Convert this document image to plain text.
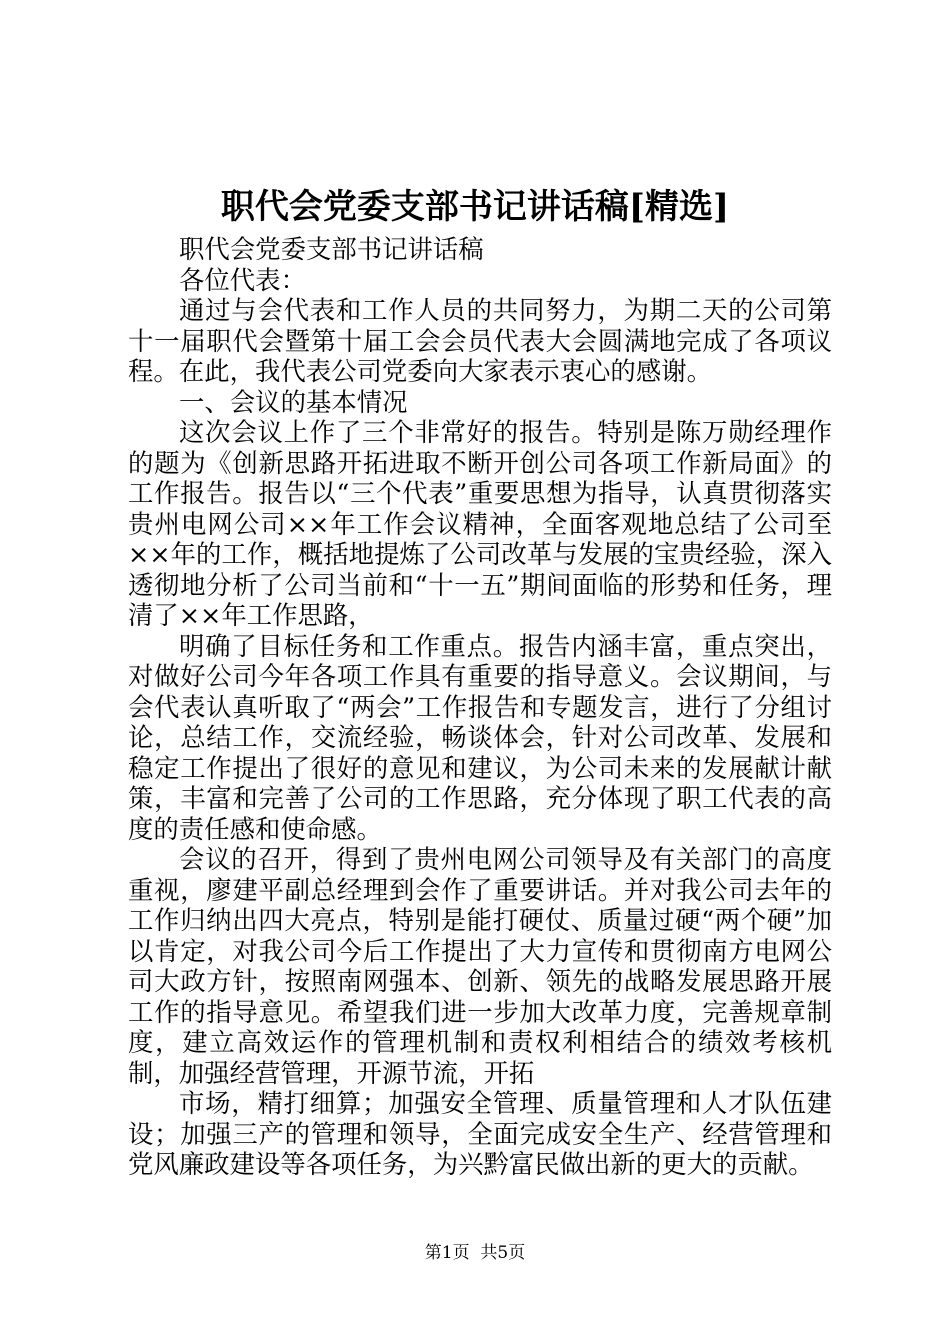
职代会党委支部书记讲话稿[精选]

职代会党委支部书记讲话稿

各位代表：

通过与会代表和工作人员的共同努力，为期二天的公司第十一届职代会暨第十届工会会员代表大会圆满地完成了各项议程。在此，我代表公司党委向大家表示衷心的感谢。

一、会议的基本情况

这次会议上作了三个非常好的报告。特别是陈万勋经理作的题为《创新思路开拓进取不断开创公司各项工作新局面》的工作报告。报告以“三个代表”重要思想为指导，认真贯彻落实贵州电网公司××年工作会议精神，全面客观地总结了公司至××年的工作，概括地提炼了公司改革与发展的宝贵经验，深入透彻地分析了公司当前和“十一五”期间面临的形势和任务，理清了××年工作思路，

明确了目标任务和工作重点。报告内涵丰富，重点突出，对做好公司今年各项工作具有重要的指导意义。会议期间，与会代表认真听取了“两会”工作报告和专题发言，进行了分组讨论，总结工作，交流经验，畅谈体会，针对公司改革、发展和稳定工作提出了很好的意见和建议，为公司未来的发展献计献策，丰富和完善了公司的工作思路，充分体现了职工代表的高度的责任感和使命感。

会议的召开，得到了贵州电网公司领导及有关部门的高度重视，廖建平副总经理到会作了重要讲话。并对我公司去年的工作归纳出四大亮点，特别是能打硬仗、质量过硬“两个硬”加以肯定，对我公司今后工作提出了大力宣传和贯彻南方电网公司大政方针，按照南网强本、创新、领先的战略发展思路开展工作的指导意见。希望我们进一步加大改革力度，完善规章制度，建立高效运作的管理机制和责权利相结合的绩效考核机制，加强经营管理，开源节流，开拓

市场，精打细算；加强安全管理、质量管理和人才队伍建设；加强三产的管理和领导，全面完成安全生产、经营管理和党风廉政建设等各项任务，为兴黔富民做出新的更大的贡献。

第1页  共5页
